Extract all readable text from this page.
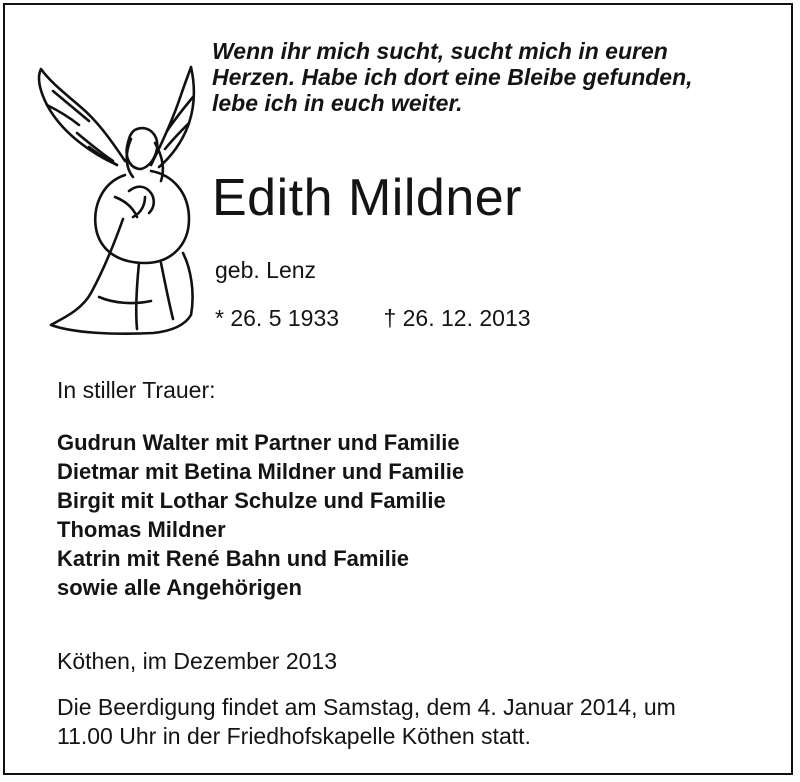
Wenn ihr mich sucht, sucht mich in euren
Herzen. Habe ich dort eine Bleibe gefunden,
lebe ich in euch weiter.

Edith Mildner
geb. Lenz
* 26. 5 1933 † 26. 12. 2013
In stiller Trauer:
Gudrun Walter mit Partner und Familie
Dietmar mit Betina Mildner und Familie
Birgit mit Lothar Schulze und Familie
Thomas Mildner
Katrin mit René Bahn und Familie
sowie alle Angehörigen
Köthen, im Dezember 2013

Die Beerdigung findet am Samstag, dem 4. Januar 2014, um
11.00 Uhr in der Friedhofskapelle Köthen statt.
